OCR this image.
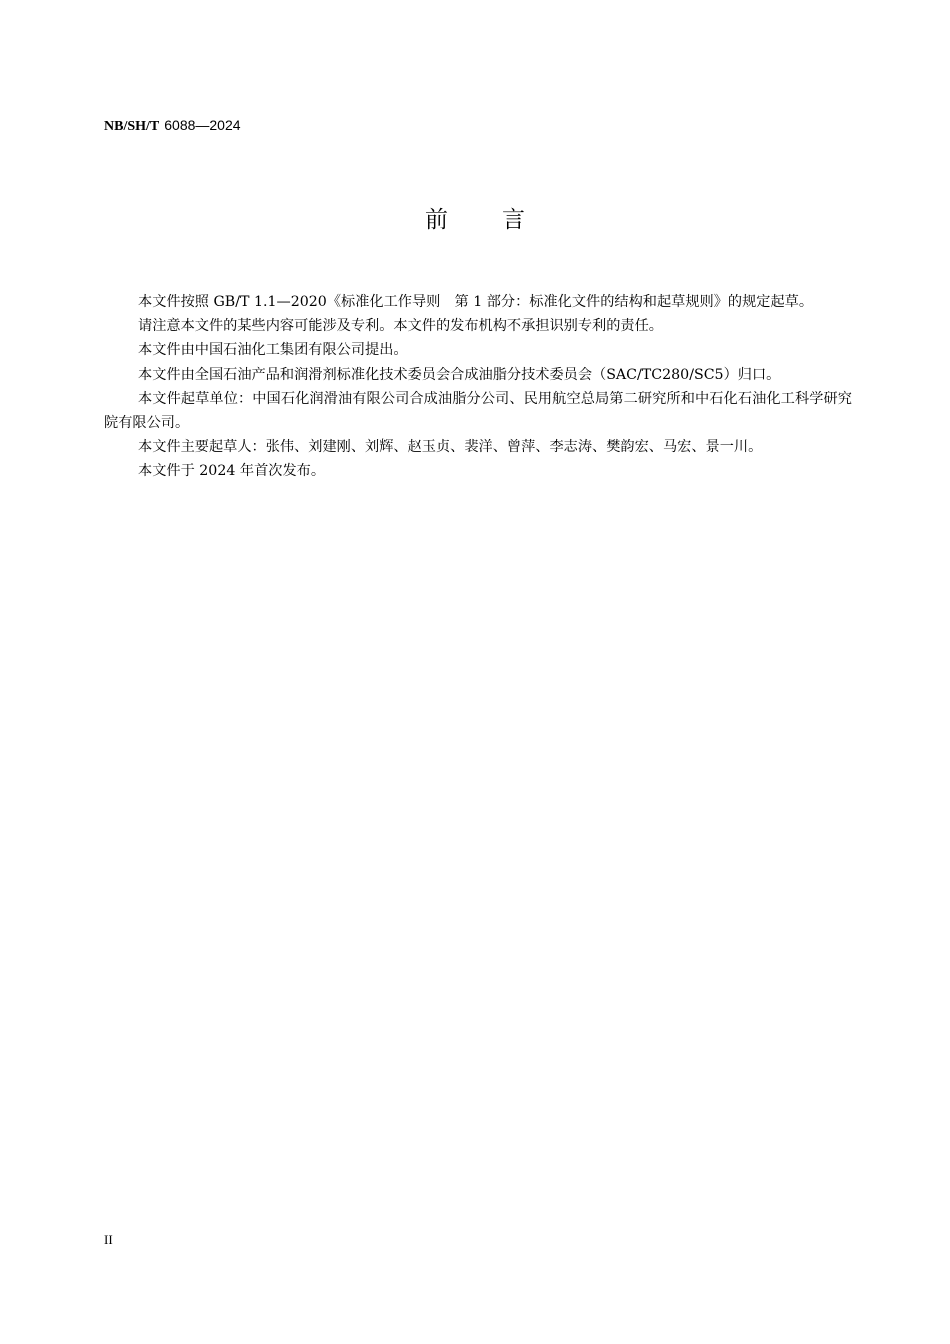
NB/SH/T 6088—2024
前言

本文件按照 GB/T 1.1—2020《标准化工作导则　第 1 部分：标准化文件的结构和起草规则》的规定起草。

请注意本文件的某些内容可能涉及专利。本文件的发布机构不承担识别专利的责任。

本文件由中国石油化工集团有限公司提出。

本文件由全国石油产品和润滑剂标准化技术委员会合成油脂分技术委员会（SAC/TC280/SC5）归口。

本文件起草单位：中国石化润滑油有限公司合成油脂分公司、民用航空总局第二研究所和中石化石油化工科学研究院有限公司。

本文件主要起草人：张伟、刘建刚、刘辉、赵玉贞、裴洋、曾萍、李志涛、樊韵宏、马宏、景一川。

本文件于 2024 年首次发布。

II
